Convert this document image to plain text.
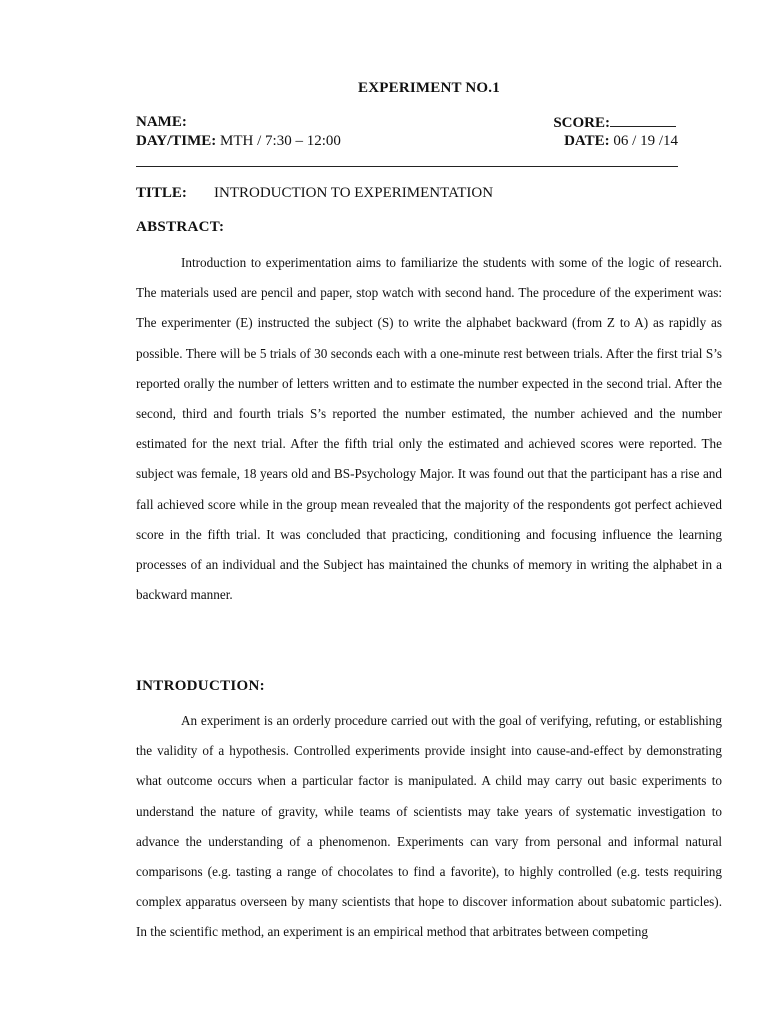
EXPERIMENT NO.1
NAME:	SCORE:
DAY/TIME: MTH / 7:30 – 12:00	DATE: 06 / 19 /14
TITLE: INTRODUCTION TO EXPERIMENTATION
ABSTRACT:

Introduction to experimentation aims to familiarize the students with some of the logic of research. The materials used are pencil and paper, stop watch with second hand. The procedure of the experiment was: The experimenter (E) instructed the subject (S) to write the alphabet backward (from Z to A) as rapidly as possible. There will be 5 trials of 30 seconds each with a one-minute rest between trials. After the first trial S’s reported orally the number of letters written and to estimate the number expected in the second trial. After the second, third and fourth trials S’s reported the number estimated, the number achieved and the number estimated for the next trial. After the fifth trial only the estimated and achieved scores were reported. The subject was female, 18 years old and BS-Psychology Major. It was found out that the participant has a rise and fall achieved score while in the group mean revealed that the majority of the respondents got perfect achieved score in the fifth trial. It was concluded that practicing, conditioning and focusing influence the learning processes of an individual and the Subject has maintained the chunks of memory in writing the alphabet in a backward manner.

INTRODUCTION:

An experiment is an orderly procedure carried out with the goal of verifying, refuting, or establishing the validity of a hypothesis. Controlled experiments provide insight into cause-and-effect by demonstrating what outcome occurs when a particular factor is manipulated. A child may carry out basic experiments to understand the nature of gravity, while teams of scientists may take years of systematic investigation to advance the understanding of a phenomenon. Experiments can vary from personal and informal natural comparisons (e.g. tasting a range of chocolates to find a favorite), to highly controlled (e.g. tests requiring complex apparatus overseen by many scientists that hope to discover information about subatomic particles). In the scientific method, an experiment is an empirical method that arbitrates between competing
